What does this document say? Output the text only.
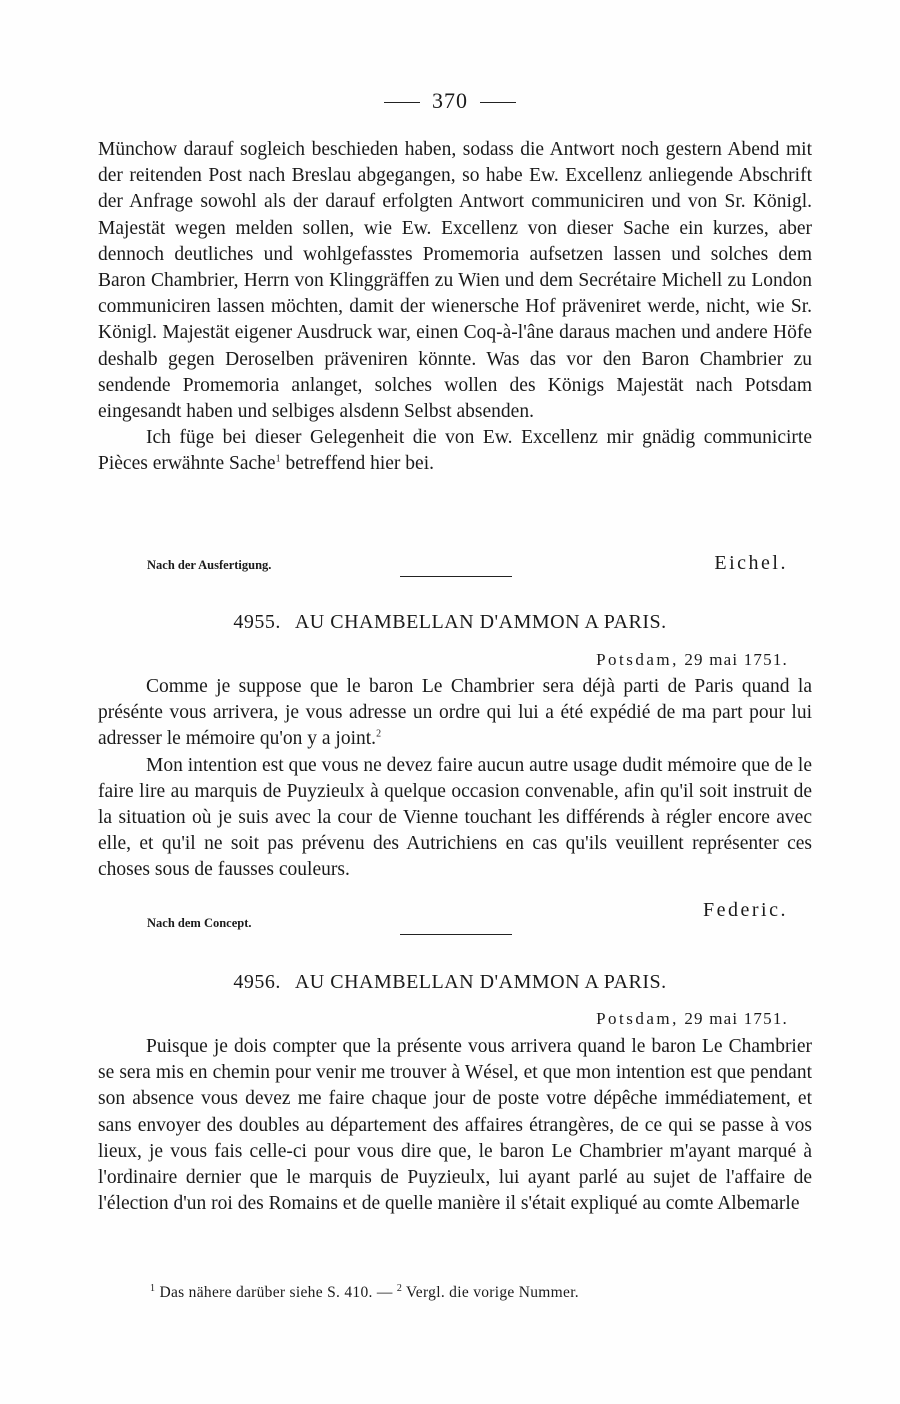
370

Münchow darauf sogleich beschieden haben, sodass die Antwort noch gestern Abend mit der reitenden Post nach Breslau abgegangen, so habe Ew. Excellenz anliegende Abschrift der Anfrage sowohl als der darauf erfolgten Antwort communiciren und von Sr. Königl. Majestät wegen melden sollen, wie Ew. Excellenz von dieser Sache ein kurzes, aber dennoch deutliches und wohlgefasstes Promemoria aufsetzen lassen und solches dem Baron Chambrier, Herrn von Klinggräffen zu Wien und dem Secrétaire Michell zu London communiciren lassen möchten, damit der wienersche Hof präveniret werde, nicht, wie Sr. Königl. Majestät eigener Ausdruck war, einen Coq-à-l'âne daraus machen und andere Höfe deshalb gegen Deroselben präveniren könnte. Was das vor den Baron Chambrier zu sendende Promemoria anlanget, solches wollen des Königs Majestät nach Potsdam eingesandt haben und selbiges alsdenn Selbst absenden.

Ich füge bei dieser Gelegenheit die von Ew. Excellenz mir gnädig communicirte Pièces erwähnte Sache$^1$ betreffend hier bei.

Nach der Ausfertigung.	Eichel.
4955. AU CHAMBELLAN D'AMMON A PARIS.
Potsdam, 29 mai 1751.

Comme je suppose que le baron Le Chambrier sera déjà parti de Paris quand la présénte vous arrivera, je vous adresse un ordre qui lui a été expédié de ma part pour lui adresser le mémoire qu'on y a joint.$^2$

Mon intention est que vous ne devez faire aucun autre usage dudit mémoire que de le faire lire au marquis de Puyzieulx à quelque occasion convenable, afin qu'il soit instruit de la situation où je suis avec la cour de Vienne touchant les différends à régler encore avec elle, et qu'il ne soit pas prévenu des Autrichiens en cas qu'ils veuillent représenter ces choses sous de fausses couleurs.

Nach dem Concept.
Federic.
4956. AU CHAMBELLAN D'AMMON A PARIS.
Potsdam, 29 mai 1751.

Puisque je dois compter que la présente vous arrivera quand le baron Le Chambrier se sera mis en chemin pour venir me trouver à Wésel, et que mon intention est que pendant son absence vous devez me faire chaque jour de poste votre dépêche immédiatement, et sans envoyer des doubles au département des affaires étrangères, de ce qui se passe à vos lieux, je vous fais celle-ci pour vous dire que, le baron Le Chambrier m'ayant marqué à l'ordinaire dernier que le marquis de Puyzieulx, lui ayant parlé au sujet de l'affaire de l'élection d'un roi des Romains et de quelle manière il s'était expliqué au comte Albemarle

$^1$ Das nähere darüber siehe S. 410. — $^2$ Vergl. die vorige Nummer.
